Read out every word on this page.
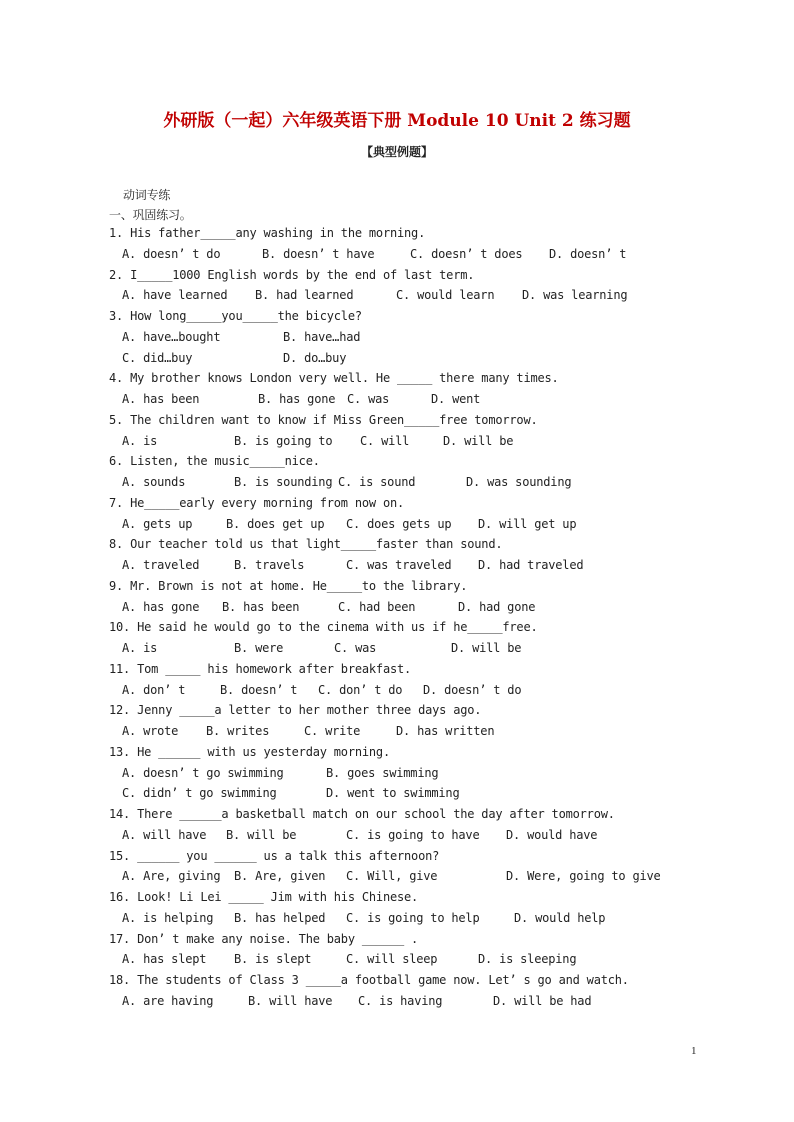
外研版（一起）六年级英语下册 Module 10 Unit 2 练习题
【典型例题】
动词专练
一、巩固练习。
1. His father_____any washing in the morning.
A. doesn’ t do	B. doesn’ t have	C. doesn’ t does D. doesn’ t
2. I_____1000 English words by the end of last term.
A. have learned B. had learned	C. would learn D. was learning
3. How long_____you_____the bicycle?
A. have…bought	B. have…had
C. did…buy	D. do…buy
4. My brother knows London very well. He _____ there many times.
A. has been	B. has gone C. was	D. went
5. The children want to know if Miss Green_____free tomorrow.
A. is	B. is going to C. will	D. will be
6. Listen, the music_____nice.
A. sounds	B. is sounding C. is sound	D. was sounding
7. He_____early every morning from now on.
A. gets up	B. does get up C. does gets up D. will get up
8. Our teacher told us that light_____faster than sound.
A. traveled	B. travels	C. was traveled D. had traveled
9. Mr. Brown is not at home. He_____to the library.
A. has gone B. has been	C. had been	D. had gone
10. He said he would go to the cinema with us if he_____free.
A. is	B. were	C. was	D. will be
11. Tom _____ his homework after breakfast.
A. don’ t	B. doesn’ t C. don’ t do D. doesn’ t do
12. Jenny _____a letter to her mother three days ago.
A. wrote B. writes	C. write	D. has written
13. He ______ with us yesterday morning.
A. doesn’ t go swimming	B. goes swimming
C. didn’ t go swimming	D. went to swimming
14. There ______a basketball match on our school the day after tomorrow.
A. will have B. will be	C. is going to have D. would have
15. ______ you ______ us a talk this afternoon?
A. Are, giving B. Are, given C. Will, give	D. Were, going to give
16. Look! Li Lei _____ Jim with his Chinese.
A. is helping B. has helped C. is going to help	D. would help
17. Don’ t make any noise. The baby ______ .
A. has slept B. is slept	C. will sleep	D. is sleeping
18. The students of Class 3 _____a football game now. Let’ s go and watch.
A. are having	B. will have C. is having	D. will be had
1
